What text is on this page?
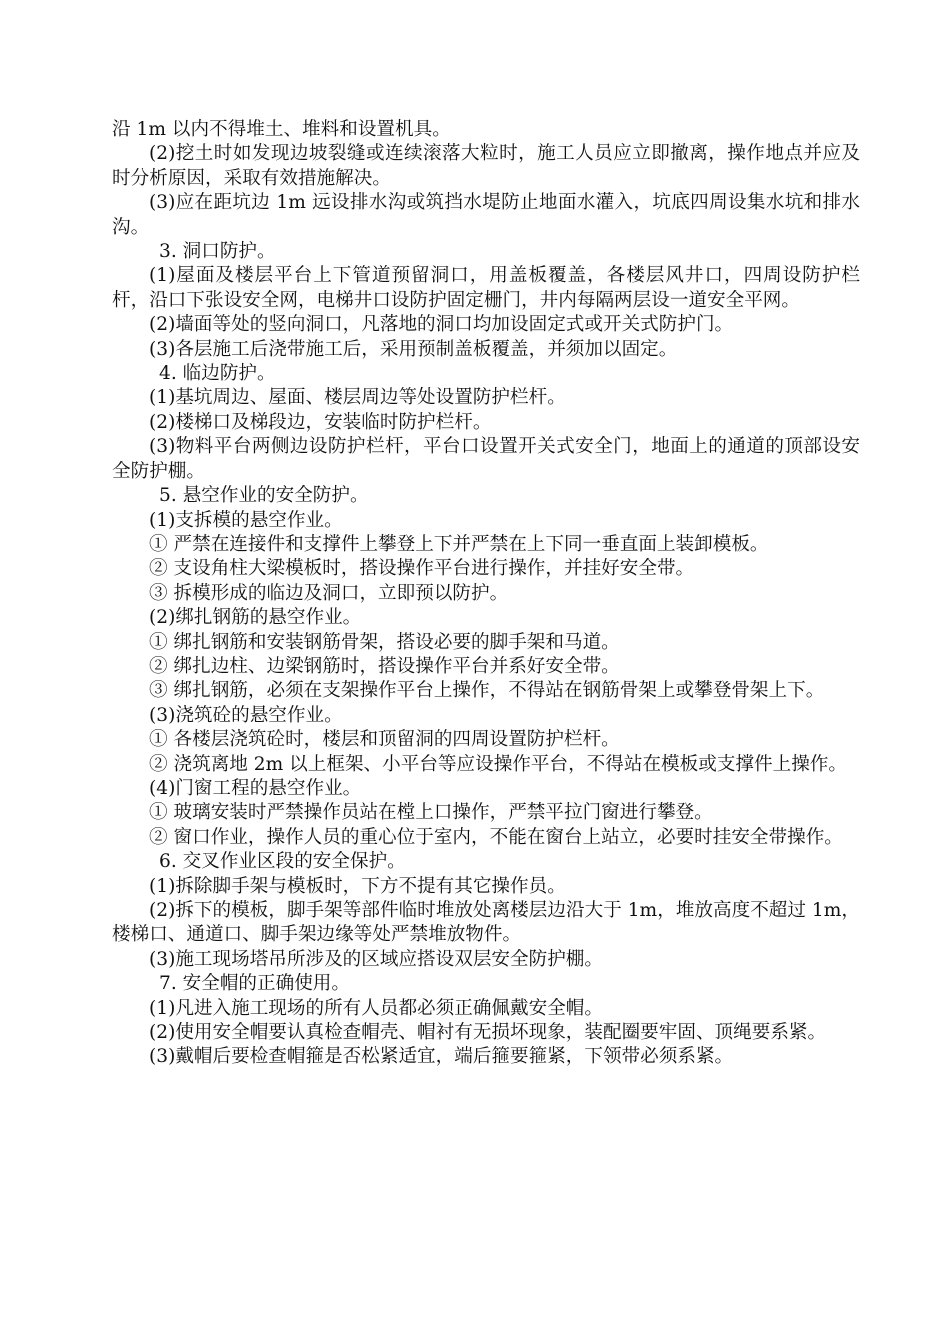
沿 1m 以内不得堆土、堆料和设置机具。

(2)挖土时如发现边坡裂缝或连续滚落大粒时，施工人员应立即撤离，操作地点并应及时分析原因，采取有效措施解决。

(3)应在距坑边 1m 远设排水沟或筑挡水堤防止地面水灌入，坑底四周设集水坑和排水沟。

3. 洞口防护。

(1)屋面及楼层平台上下管道预留洞口，用盖板覆盖，各楼层风井口，四周设防护栏杆，沿口下张设安全网，电梯井口设防护固定栅门，井内每隔两层设一道安全平网。

(2)墙面等处的竖向洞口，凡落地的洞口均加设固定式或开关式防护门。

(3)各层施工后浇带施工后，采用预制盖板覆盖，并须加以固定。

4. 临边防护。

(1)基坑周边、屋面、楼层周边等处设置防护栏杆。

(2)楼梯口及梯段边，安装临时防护栏杆。

(3)物料平台两侧边设防护栏杆，平台口设置开关式安全门，地面上的通道的顶部设安全防护棚。

5. 悬空作业的安全防护。

(1)支拆模的悬空作业。

① 严禁在连接件和支撑件上攀登上下并严禁在上下同一垂直面上装卸模板。

② 支设角柱大梁模板时，搭设操作平台进行操作，并挂好安全带。

③ 拆模形成的临边及洞口，立即预以防护。

(2)绑扎钢筋的悬空作业。

① 绑扎钢筋和安装钢筋骨架，搭设必要的脚手架和马道。

② 绑扎边柱、边梁钢筋时，搭设操作平台并系好安全带。

③ 绑扎钢筋，必须在支架操作平台上操作，不得站在钢筋骨架上或攀登骨架上下。

(3)浇筑砼的悬空作业。

① 各楼层浇筑砼时，楼层和顶留洞的四周设置防护栏杆。

② 浇筑离地 2m 以上框架、小平台等应设操作平台，不得站在模板或支撑件上操作。

(4)门窗工程的悬空作业。

① 玻璃安装时严禁操作员站在樘上口操作，严禁平拉门窗进行攀登。

② 窗口作业，操作人员的重心位于室内，不能在窗台上站立，必要时挂安全带操作。

6. 交叉作业区段的安全保护。

(1)拆除脚手架与模板时，下方不提有其它操作员。

(2)拆下的模板，脚手架等部件临时堆放处离楼层边沿大于 1m，堆放高度不超过 1m，楼梯口、通道口、脚手架边缘等处严禁堆放物件。

(3)施工现场塔吊所涉及的区域应搭设双层安全防护棚。

7. 安全帽的正确使用。

(1)凡进入施工现场的所有人员都必须正确佩戴安全帽。

(2)使用安全帽要认真检查帽壳、帽衬有无损坏现象，装配圈要牢固、顶绳要系紧。

(3)戴帽后要检查帽箍是否松紧适宜，端后箍要箍紧，下领带必须系紧。
